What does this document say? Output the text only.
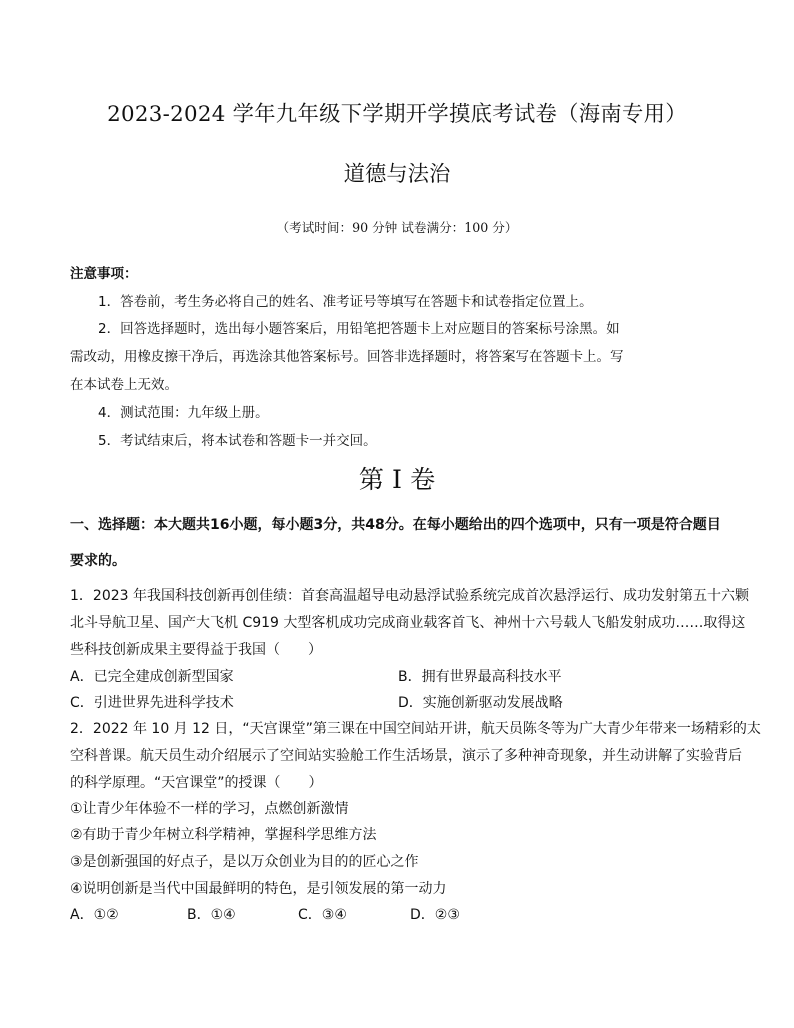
2023-2024 学年九年级下学期开学摸底考试卷（海南专用）
道德与法治
（考试时间：90 分钟 试卷满分：100 分）
注意事项：
1．答卷前，考生务必将自己的姓名、准考证号等填写在答题卡和试卷指定位置上。
2．回答选择题时，选出每小题答案后，用铅笔把答题卡上对应题目的答案标号涂黑。如
需改动，用橡皮擦干净后，再选涂其他答案标号。回答非选择题时，将答案写在答题卡上。写
在本试卷上无效。
4．测试范围：九年级上册。
5．考试结束后，将本试卷和答题卡一并交回。
第 I 卷
一、选择题：本大题共16小题，每小题3分，共48分。在每小题给出的四个选项中，只有一项是符合题目
要求的。
1．2023 年我国科技创新再创佳绩：首套高温超导电动悬浮试验系统完成首次悬浮运行、成功发射第五十六颗
北斗导航卫星、国产大飞机 C919 大型客机成功完成商业载客首飞、神州十六号载人飞船发射成功……取得这
些科技创新成果主要得益于我国（　　）
A．已完全建成创新型国家	B．拥有世界最高科技水平
C．引进世界先进科学技术	D．实施创新驱动发展战略
2．2022 年 10 月 12 日，“天宫课堂”第三课在中国空间站开讲，航天员陈冬等为广大青少年带来一场精彩的太
空科普课。航天员生动介绍展示了空间站实验舱工作生活场景，演示了多种神奇现象，并生动讲解了实验背后
的科学原理。“天宫课堂”的授课（　　）
①让青少年体验不一样的学习，点燃创新激情
②有助于青少年树立科学精神，掌握科学思维方法
③是创新强国的好点子，是以万众创业为目的的匠心之作
④说明创新是当代中国最鲜明的特色，是引领发展的第一动力
A．①②	B．①④	C．③④	D．②③
